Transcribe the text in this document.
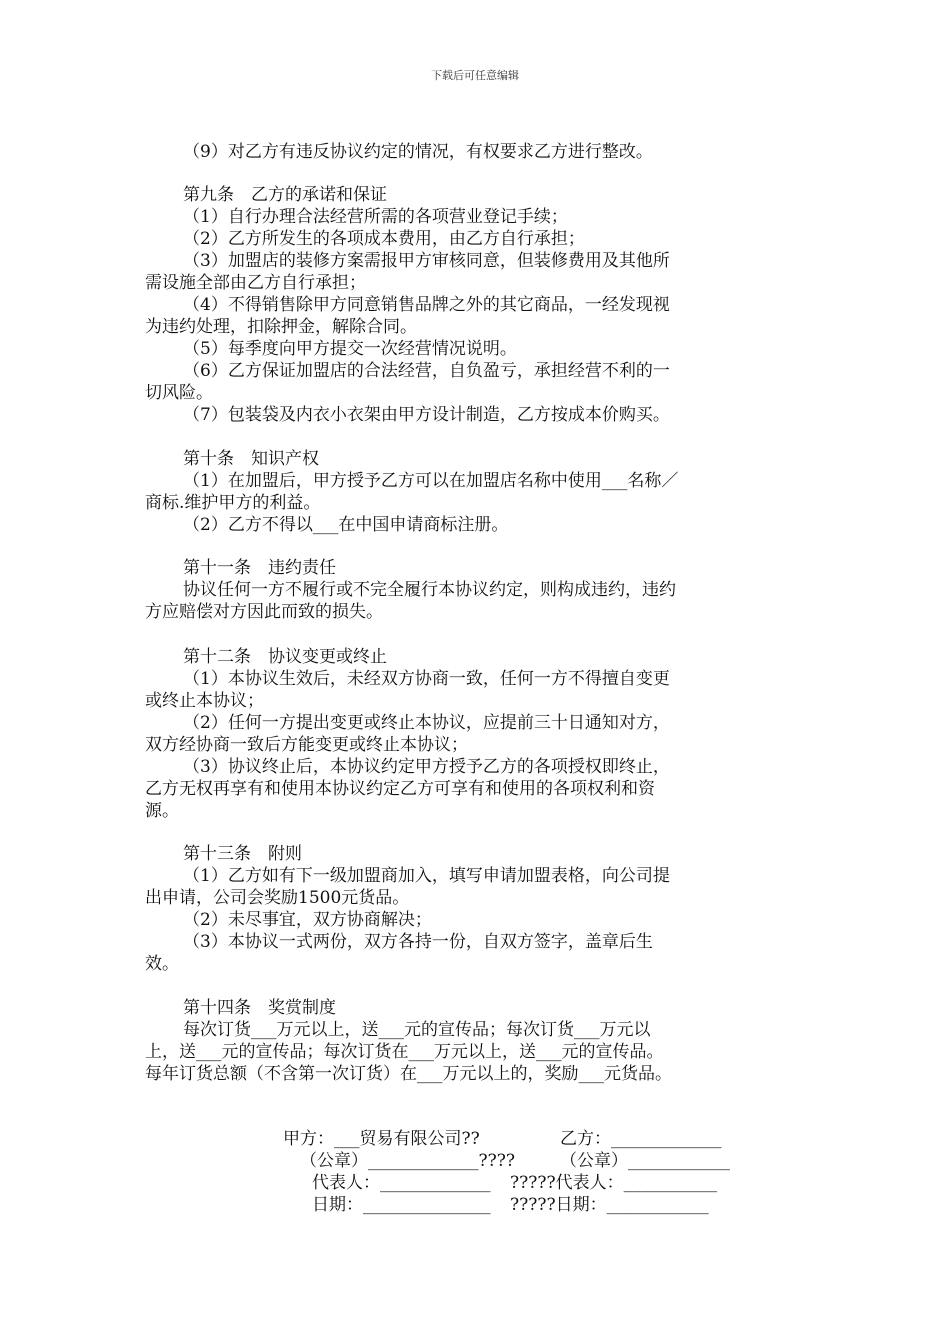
下载后可任意编辑
（9）对乙方有违反协议约定的情况，有权要求乙方进行整改。
第九条　乙方的承诺和保证
（1）自行办理合法经营所需的各项营业登记手续；
（2）乙方所发生的各项成本费用，由乙方自行承担；
（3）加盟店的装修方案需报甲方审核同意，但装修费用及其他所
需设施全部由乙方自行承担；
（4）不得销售除甲方同意销售品牌之外的其它商品，一经发现视
为违约处理，扣除押金，解除合同。
（5）每季度向甲方提交一次经营情况说明。
（6）乙方保证加盟店的合法经营，自负盈亏，承担经营不利的一
切风险。
（7）包装袋及内衣小衣架由甲方设计制造，乙方按成本价购买。
第十条　知识产权
（1）在加盟后，甲方授予乙方可以在加盟店名称中使用___名称／
商标.维护甲方的利益。
（2）乙方不得以___在中国申请商标注册。
第十一条　违约责任
协议任何一方不履行或不完全履行本协议约定，则构成违约，违约
方应赔偿对方因此而致的损失。
第十二条　协议变更或终止
（1）本协议生效后，未经双方协商一致，任何一方不得擅自变更
或终止本协议；
（2）任何一方提出变更或终止本协议，应提前三十日通知对方，
双方经协商一致后方能变更或终止本协议；
（3）协议终止后，本协议约定甲方授予乙方的各项授权即终止，
乙方无权再享有和使用本协议约定乙方可享有和使用的各项权利和资
源。
第十三条　附则
（1）乙方如有下一级加盟商加入，填写申请加盟表格，向公司提
出申请，公司会奖励1500元货品。
（2）未尽事宜，双方协商解决；
（3）本协议一式两份，双方各持一份，自双方签字，盖章后生
效。
第十四条　奖赏制度
每次订货___万元以上，送___元的宣传品；每次订货___万元以
上，送___元的宣传品；每次订货在___万元以上，送___元的宣传品。
每年订货总额（不含第一次订货）在___万元以上的，奖励___元货品。
甲方：___贸易有限公司??	乙方：_____________
（公章）_____________????	（公章）____________
代表人：_____________ ?????代表人：___________
日期：_______________ ?????日期：____________
